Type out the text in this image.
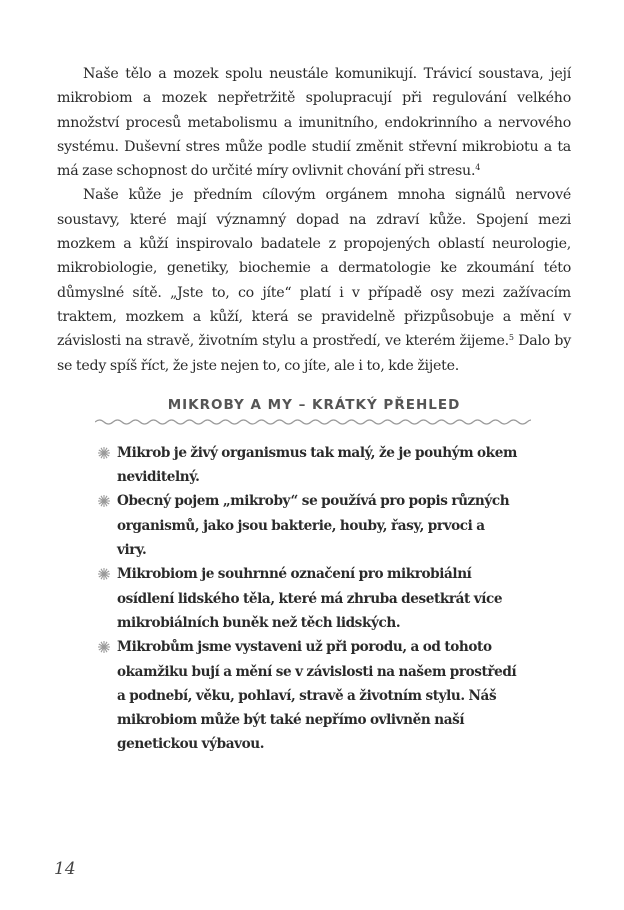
Naše tělo a mozek spolu neustále komunikují. Trávicí soustava, její mikrobiom a mozek nepřetržitě spolupracují při regulování velkého množství procesů metabolismu a imunitního, endokrinního a nervového systému. Duševní stres může podle studií změnit střevní mikrobiotu a ta má zase schopnost do určité míry ovlivnit chování při stresu.$^4$

Naše kůže je předním cílovým orgánem mnoha signálů nervové soustavy, které mají významný dopad na zdraví kůže. Spojení mezi mozkem a kůží inspirovalo badatele z propojených oblastí neurologie, mikrobiologie, genetiky, biochemie a dermatologie ke zkoumání této důmyslné sítě. „Jste to, co jíte“ platí i v případě osy mezi zažívacím traktem, mozkem a kůží, která se pravidelně přizpůsobuje a mění v závislosti na stravě, životním stylu a prostředí, ve kterém žijeme.$^5$ Dalo by se tedy spíš říct, že jste nejen to, co jíte, ale i to, kde žijete.

MIKROBY A MY – KRÁTKÝ PŘEHLED
Mikrob je živý organismus tak malý, že je pouhým okem neviditelný.
Obecný pojem „mikroby“ se používá pro popis různých organismů, jako jsou bakterie, houby, řasy, prvoci a viry.
Mikrobiom je souhrnné označení pro mikrobiální osídlení lidského těla, které má zhruba desetkrát více mikrobiálních buněk než těch lidských.
Mikrobům jsme vystaveni už při porodu, a od tohoto okamžiku bují a mění se v závislosti na našem prostředí a podnebí, věku, pohlaví, stravě a životním stylu. Náš mikrobiom může být také nepřímo ovlivněn naší genetickou výbavou.
14
